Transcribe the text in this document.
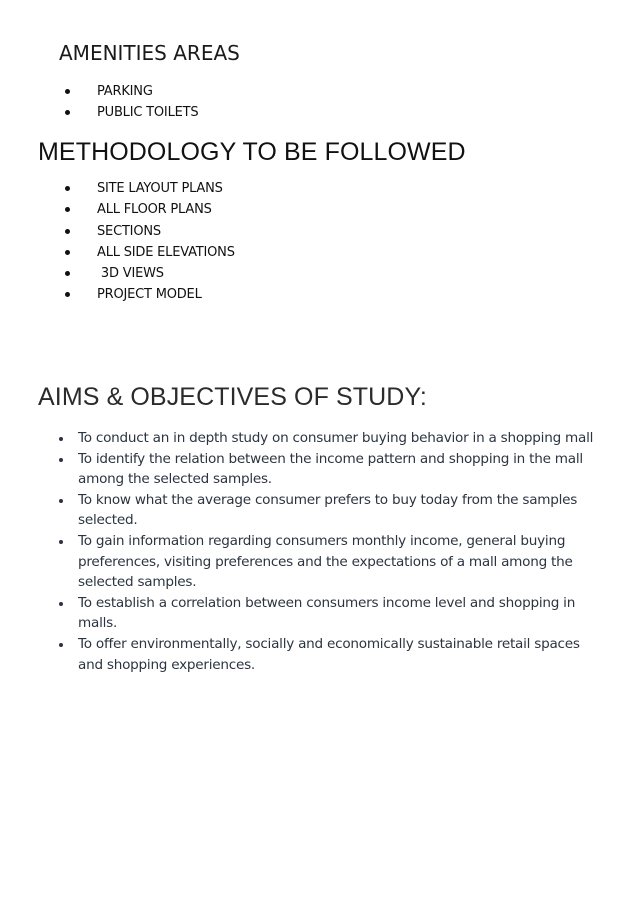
AMENITIES AREAS
PARKING
PUBLIC TOILETS
METHODOLOGY TO BE FOLLOWED
SITE LAYOUT PLANS
ALL FLOOR PLANS
SECTIONS
ALL SIDE ELEVATIONS
3D VIEWS
PROJECT MODEL
AIMS & OBJECTIVES OF STUDY:
To conduct an in depth study on consumer buying behavior in a shopping mall
To identify the relation between the income pattern and shopping in the mall among the selected samples.
To know what the average consumer prefers to buy today from the samples selected.
To gain information regarding consumers monthly income, general buying preferences, visiting preferences and the expectations of a mall among the selected samples.
To establish a correlation between consumers income level and shopping in malls.
To offer environmentally, socially and economically sustainable retail spaces and shopping experiences.
